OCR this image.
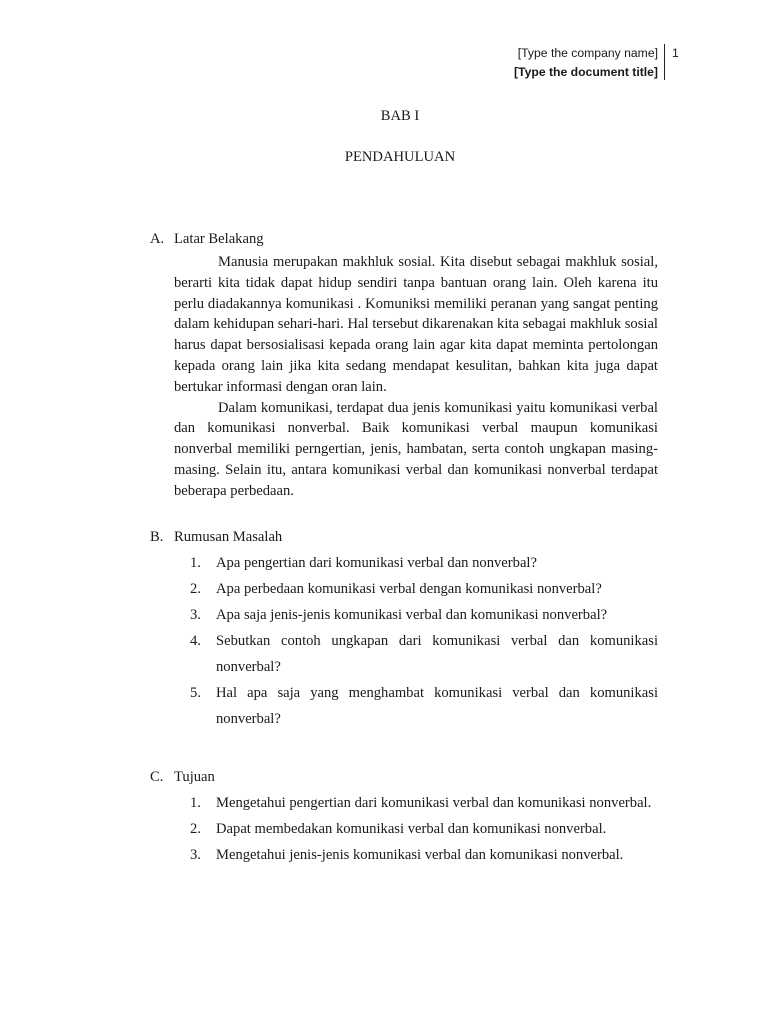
[Type the company name]
[Type the document title]
1
BAB I
PENDAHULUAN
A. Latar Belakang

Manusia merupakan makhluk sosial. Kita disebut sebagai makhluk sosial, berarti kita tidak dapat hidup sendiri tanpa bantuan orang lain. Oleh karena itu perlu diadakannya komunikasi . Komuniksi memiliki peranan yang sangat penting dalam kehidupan sehari-hari. Hal tersebut dikarenakan kita sebagai makhluk sosial harus dapat bersosialisasi kepada orang lain agar kita dapat meminta pertolongan kepada orang lain jika kita sedang mendapat kesulitan, bahkan kita juga dapat bertukar informasi dengan oran lain.

Dalam komunikasi, terdapat dua jenis komunikasi yaitu komunikasi verbal dan komunikasi nonverbal. Baik komunikasi verbal maupun komunikasi nonverbal memiliki perngertian, jenis, hambatan, serta contoh ungkapan masing-masing. Selain itu, antara komunikasi verbal dan komunikasi nonverbal terdapat beberapa perbedaan.

B. Rumusan Masalah
1. Apa pengertian dari komunikasi verbal dan nonverbal?
2. Apa perbedaan komunikasi verbal dengan komunikasi nonverbal?
3. Apa saja jenis-jenis komunikasi verbal dan komunikasi nonverbal?
4. Sebutkan contoh ungkapan dari komunikasi verbal dan komunikasi nonverbal?
5. Hal apa saja yang menghambat komunikasi verbal dan komunikasi nonverbal?
C. Tujuan
1. Mengetahui pengertian dari komunikasi verbal dan komunikasi nonverbal.
2. Dapat membedakan komunikasi verbal dan komunikasi nonverbal.
3. Mengetahui jenis-jenis komunikasi verbal dan komunikasi nonverbal.
